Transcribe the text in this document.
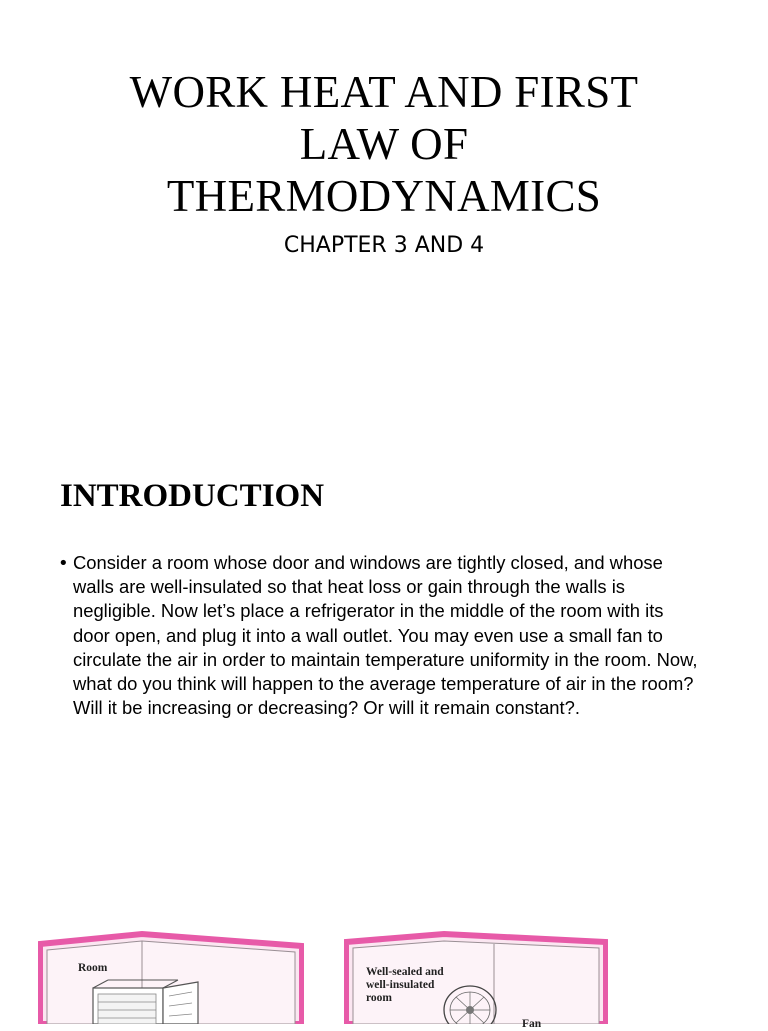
WORK HEAT AND FIRST LAW OF THERMODYNAMICS
CHAPTER 3 AND 4
INTRODUCTION
• Consider a room whose door and windows are tightly closed, and whose walls are well-insulated so that heat loss or gain through the walls is negligible. Now let’s place a refrigerator in the middle of the room with its door open, and plug it into a wall outlet. You may even use a small fan to circulate the air in order to maintain temperature uniformity in the room. Now, what do you think will happen to the average temperature of air in the room? Will it be increasing or decreasing? Or will it remain constant?.

Room	Well-sealed and
well-insulated
room
Fan
